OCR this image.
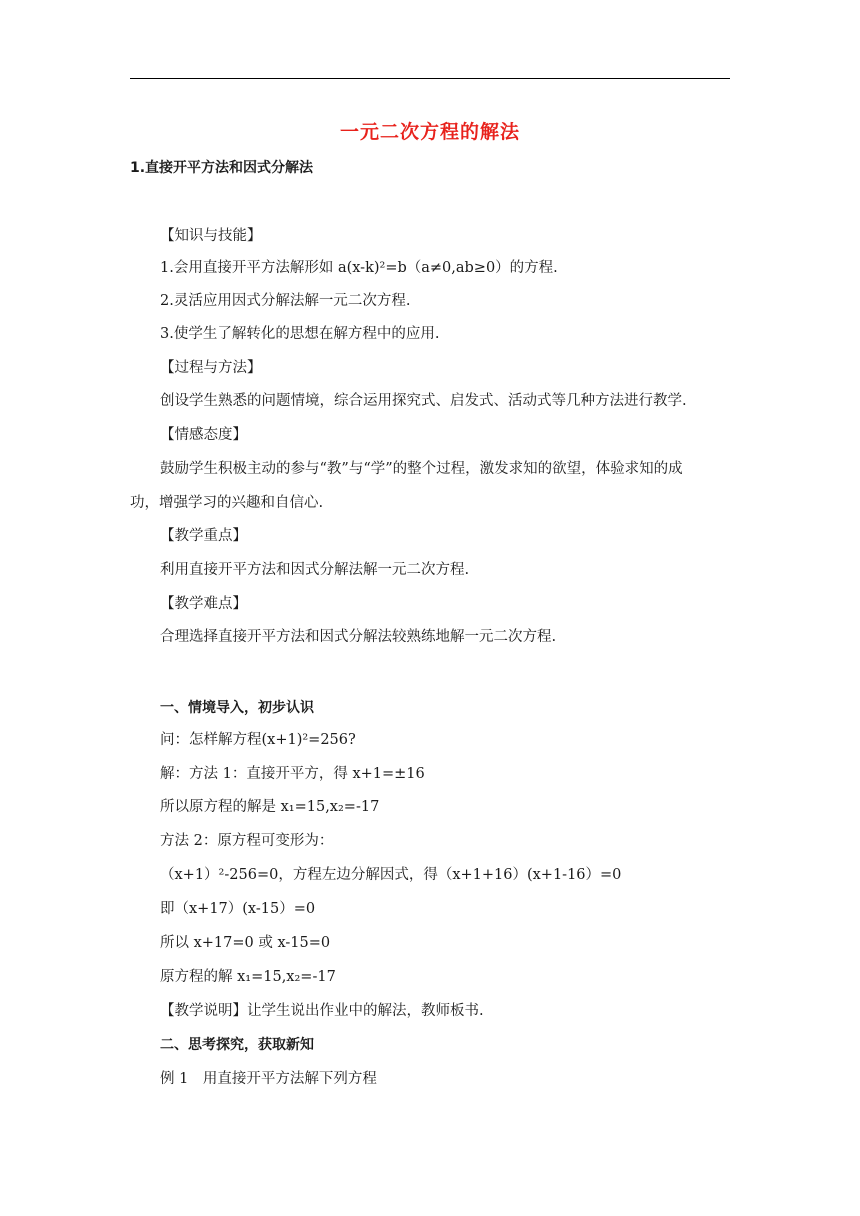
一元二次方程的解法
1.直接开平方法和因式分解法
【知识与技能】
1.会用直接开平方法解形如 a(x-k)²=b（a≠0,ab≥0）的方程.
2.灵活应用因式分解法解一元二次方程.
3.使学生了解转化的思想在解方程中的应用.
【过程与方法】
创设学生熟悉的问题情境，综合运用探究式、启发式、活动式等几种方法进行教学.
【情感态度】
鼓励学生积极主动的参与“教”与“学”的整个过程，激发求知的欲望，体验求知的成
功，增强学习的兴趣和自信心.
【教学重点】
利用直接开平方法和因式分解法解一元二次方程.
【教学难点】
合理选择直接开平方法和因式分解法较熟练地解一元二次方程.
一、情境导入，初步认识
问：怎样解方程(x+1)²=256?
解：方法 1：直接开平方，得 x+1=±16
所以原方程的解是 x₁=15,x₂=-17
方法 2：原方程可变形为：
（x+1）²-256=0，方程左边分解因式，得（x+1+16）(x+1-16）=0
即（x+17）(x-15）=0
所以 x+17=0 或 x-15=0
原方程的解 x₁=15,x₂=-17
【教学说明】让学生说出作业中的解法，教师板书.
二、思考探究，获取新知
例 1　用直接开平方法解下列方程
